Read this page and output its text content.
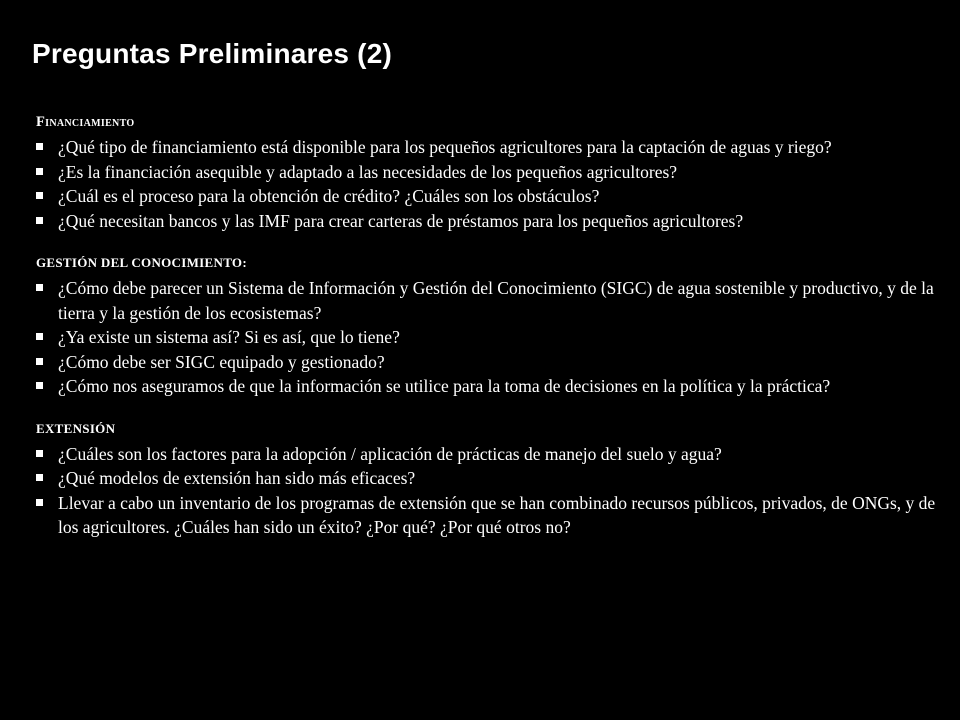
Preguntas Preliminares (2)
Financiamiento
¿Qué tipo de financiamiento está disponible para los pequeños agricultores para la captación de aguas y riego?
¿Es la financiación asequible y adaptado a las necesidades de los pequeños agricultores?
¿Cuál es el proceso para la obtención de crédito? ¿Cuáles son los obstáculos?
¿Qué necesitan bancos y las IMF para crear carteras de préstamos para los pequeños agricultores?
GESTIÓN DEL CONOCIMIENTO:
¿Cómo debe parecer un Sistema de Información y Gestión del Conocimiento (SIGC) de agua sostenible y productivo, y de la tierra y la gestión de los ecosistemas?
¿Ya existe un sistema así? Si es así, que lo tiene?
¿Cómo debe ser SIGC equipado y gestionado?
¿Cómo nos aseguramos de que la información se utilice para la toma de decisiones en la política y la práctica?
EXTENSIÓN
¿Cuáles son los factores para la adopción / aplicación de prácticas de manejo del suelo y agua?
¿Qué modelos de extensión han sido más eficaces?
Llevar a cabo un inventario de los programas de extensión que se han combinado recursos públicos, privados, de ONGs, y de los agricultores. ¿Cuáles han sido un éxito? ¿Por qué? ¿Por qué otros no?
